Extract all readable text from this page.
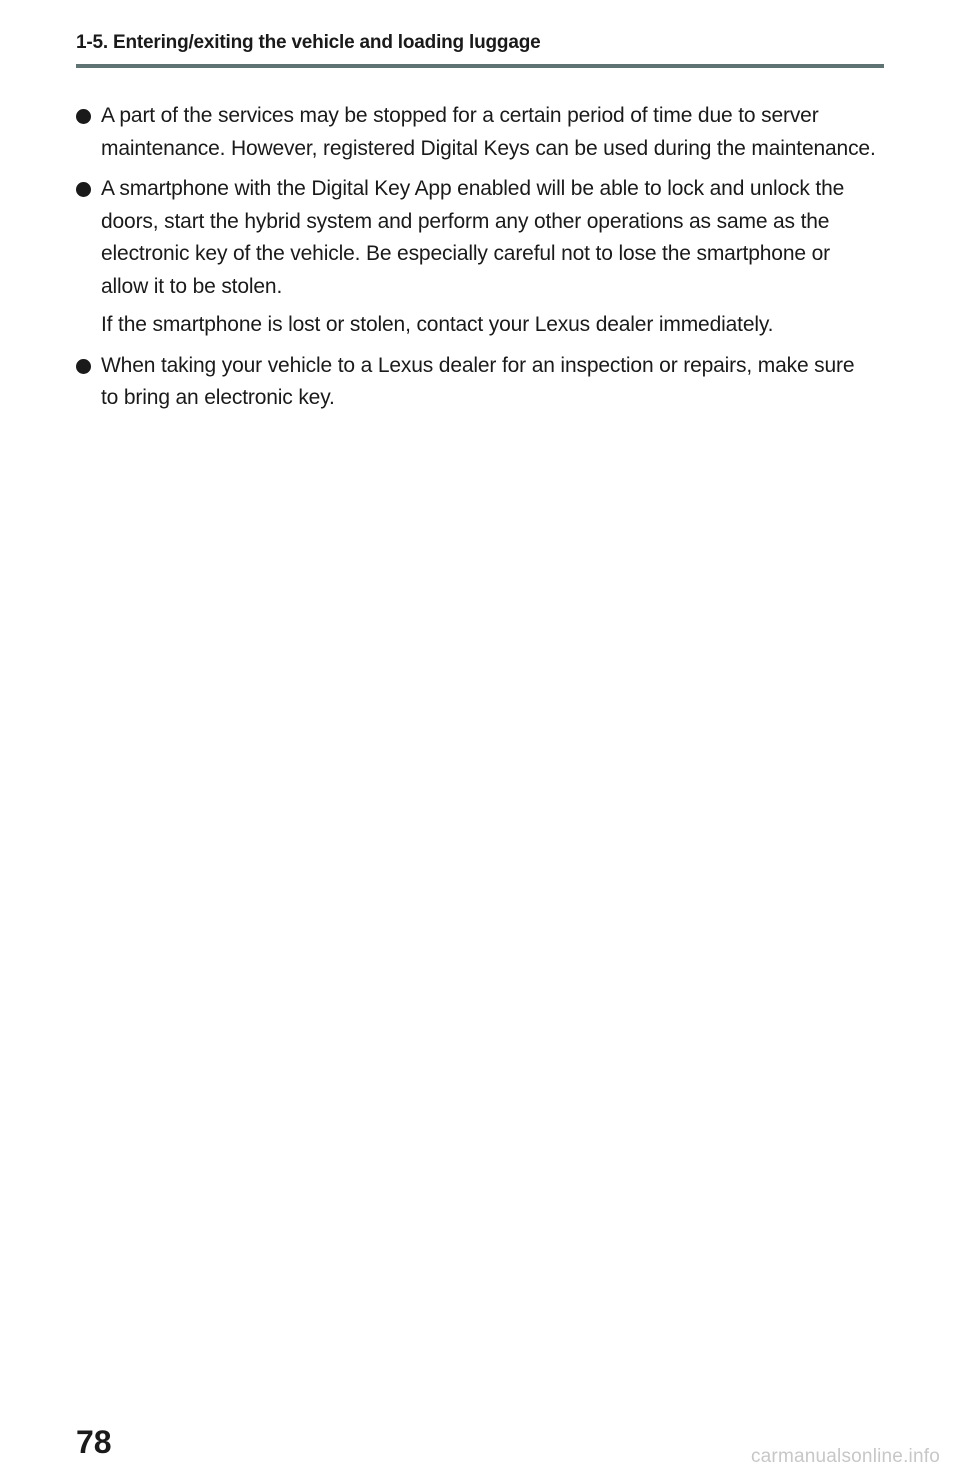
1-5. Entering/exiting the vehicle and loading luggage
A part of the services may be stopped for a certain period of time due to server maintenance. However, registered Digital Keys can be used during the maintenance.
A smartphone with the Digital Key App enabled will be able to lock and unlock the doors, start the hybrid system and perform any other operations as same as the electronic key of the vehicle. Be especially careful not to lose the smartphone or allow it to be stolen.
If the smartphone is lost or stolen, contact your Lexus dealer immediately.
When taking your vehicle to a Lexus dealer for an inspection or repairs, make sure to bring an electronic key.
78	carmanualsonline.info
